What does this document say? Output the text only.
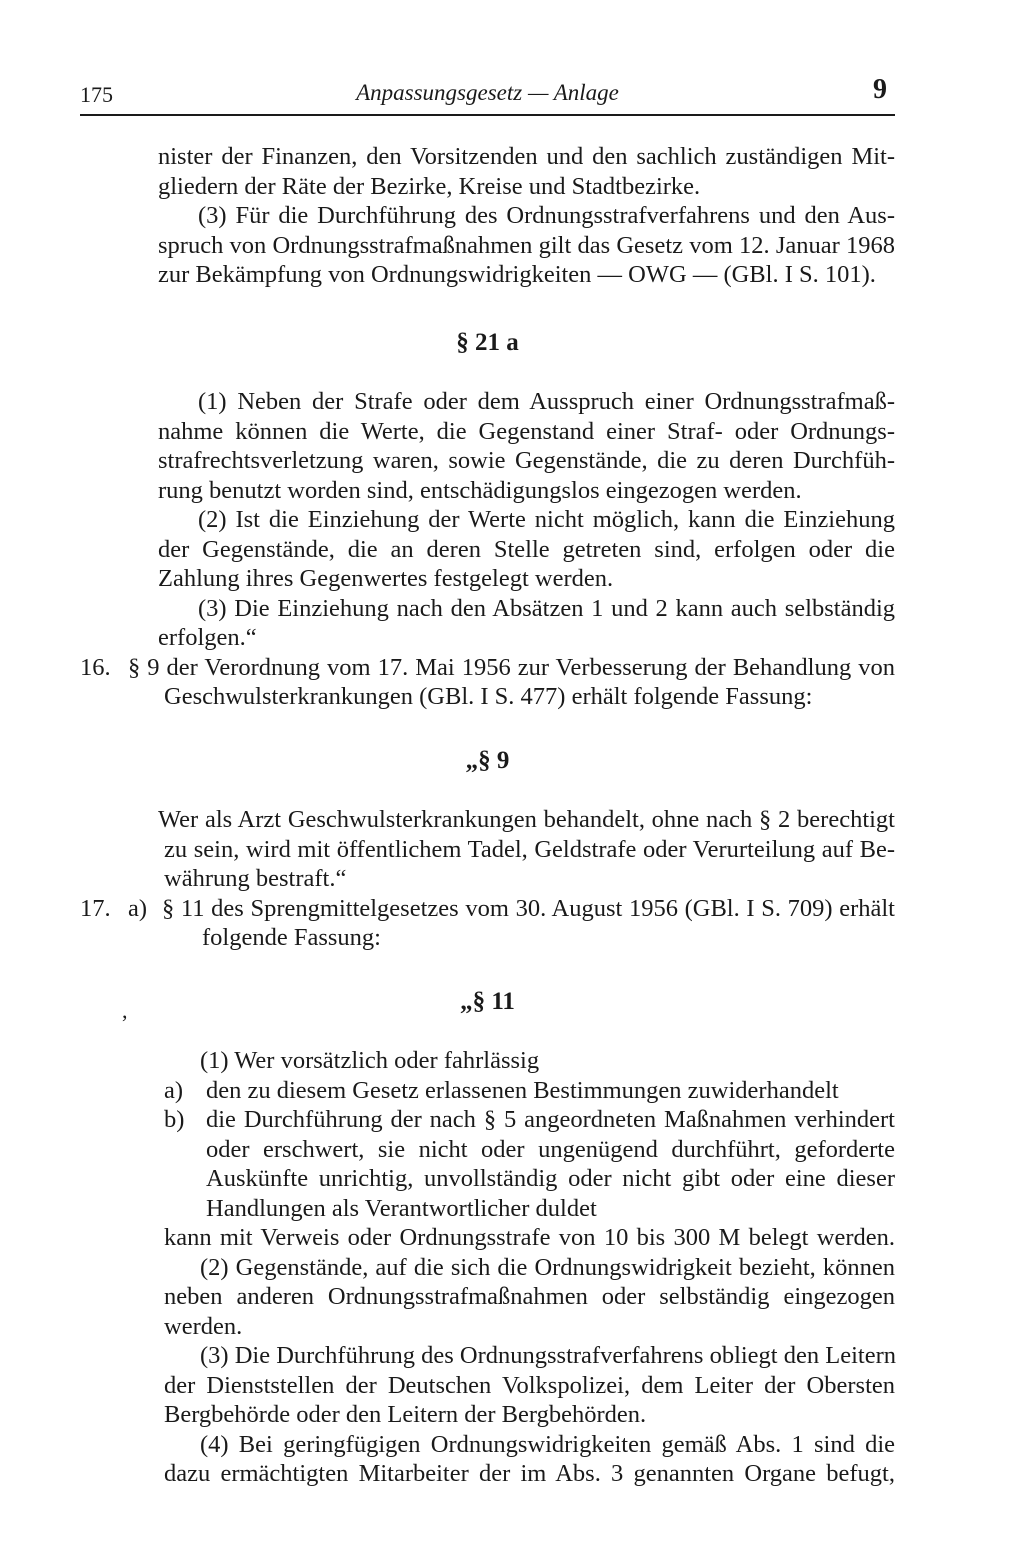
175	Anpassungsgesetz — Anlage	9
nister der Finanzen, den Vorsitzenden und den sachlich zuständigen Mit-
gliedern der Räte der Bezirke, Kreise und Stadtbezirke.
(3) Für die Durchführung des Ordnungsstrafverfahrens und den Aus-
spruch von Ordnungsstrafmaßnahmen gilt das Gesetz vom 12. Januar 1968
zur Bekämpfung von Ordnungswidrigkeiten — OWG — (GBl. I S. 101).
§ 21 a
(1) Neben der Strafe oder dem Ausspruch einer Ordnungsstrafmaß-
nahme können die Werte, die Gegenstand einer Straf- oder Ordnungs-
strafrechtsverletzung waren, sowie Gegenstände, die zu deren Durchfüh-
rung benutzt worden sind, entschädigungslos eingezogen werden.
(2) Ist die Einziehung der Werte nicht möglich, kann die Einziehung
der Gegenstände, die an deren Stelle getreten sind, erfolgen oder die
Zahlung ihres Gegenwertes festgelegt werden.
(3) Die Einziehung nach den Absätzen 1 und 2 kann auch selbständig
erfolgen.“
16. § 9 der Verordnung vom 17. Mai 1956 zur Verbesserung der Behandlung von
Geschwulsterkrankungen (GBl. I S. 477) erhält folgende Fassung:
„§ 9
Wer als Arzt Geschwulsterkrankungen behandelt, ohne nach § 2 berechtigt
zu sein, wird mit öffentlichem Tadel, Geldstrafe oder Verurteilung auf Be-
währung bestraft.“
17. a) § 11 des Sprengmittelgesetzes vom 30. August 1956 (GBl. I S. 709) erhält
folgende Fassung:
„§ 11
(1) Wer vorsätzlich oder fahrlässig
a) den zu diesem Gesetz erlassenen Bestimmungen zuwiderhandelt
b) die Durchführung der nach § 5 angeordneten Maßnahmen verhindert
oder erschwert, sie nicht oder ungenügend durchführt, geforderte
Auskünfte unrichtig, unvollständig oder nicht gibt oder eine dieser
Handlungen als Verantwortlicher duldet
kann mit Verweis oder Ordnungsstrafe von 10 bis 300 M belegt werden.
(2) Gegenstände, auf die sich die Ordnungswidrigkeit bezieht, können
neben anderen Ordnungsstrafmaßnahmen oder selbständig eingezogen
werden.
(3) Die Durchführung des Ordnungsstrafverfahrens obliegt den Leitern
der Dienststellen der Deutschen Volkspolizei, dem Leiter der Obersten
Bergbehörde oder den Leitern der Bergbehörden.
(4) Bei geringfügigen Ordnungswidrigkeiten gemäß Abs. 1 sind die
dazu ermächtigten Mitarbeiter der im Abs. 3 genannten Organe befugt,
,
